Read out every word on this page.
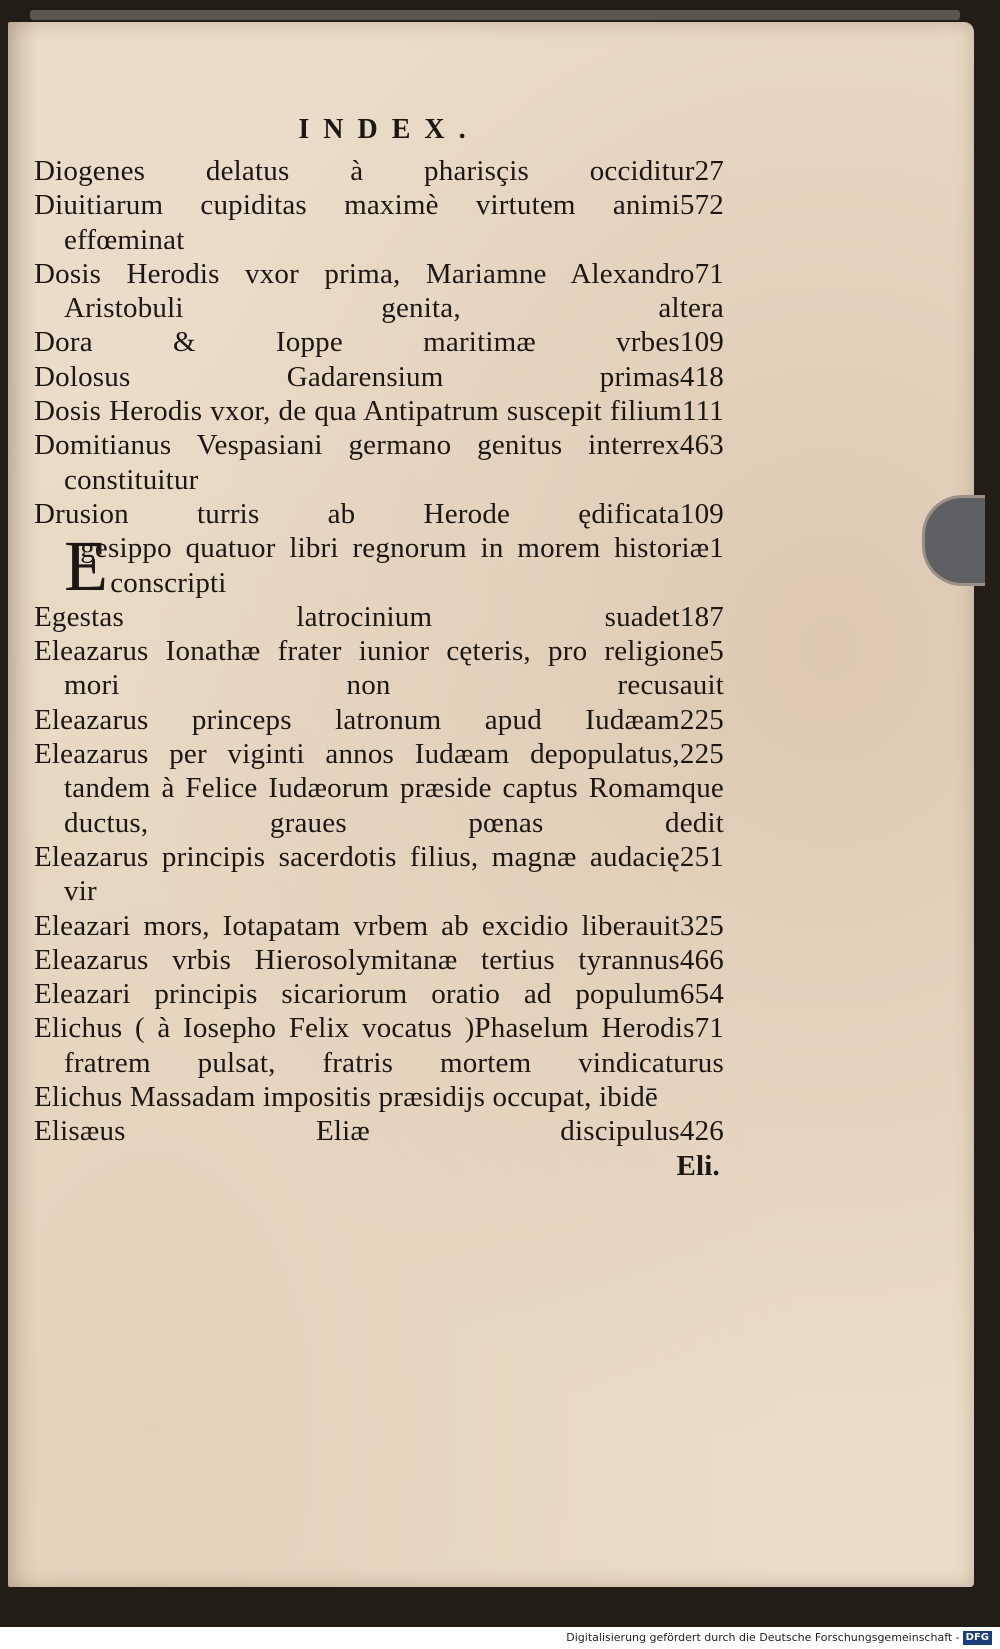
INDEX.
27
Diogenes delatus à pharisçis occiditur
572
Diuitiarum cupiditas maximè virtutem animi effœminat
71
Dosis Herodis vxor prima, Mariamne Alexandro Aristobuli genita, altera
109
Dora & Ioppe maritimæ vrbes
418
Dolosus Gadarensium primas
111
Dosis Herodis vxor, de qua Antipatrum suscepit filium
463
Domitianus Vespasiani germano genitus interrex constituitur
109
Drusion turris ab Herode ędificata
E	1
gesippo quatuor libri regnorum in morem historiæ conscripti
187
Egestas latrocinium suadet
5
Eleazarus Ionathæ frater iunior cęteris, pro religione mori non recusauit
225
Eleazarus princeps latronum apud Iudæam
225
Eleazarus per viginti annos Iudæam depopulatus, tandem à Felice Iudæorum præside captus Romamque ductus, graues pœnas dedit
251
Eleazarus principis sacerdotis filius, magnæ audacię vir
325
Eleazari mors, Iotapatam vrbem ab excidio liberauit
466
Eleazarus vrbis Hierosolymitanæ tertius tyrannus
654
Eleazari principis sicariorum oratio ad populum
71
Elichus ( à Iosepho Felix vocatus )Phaselum Herodis fratrem pulsat, fratris mortem vindicaturus
Elichus Massadam impositis præsidijs occupat, ibidē
426
Elisæus Eliæ discipulus
Eli.
Digitalisierung gefördert durch die Deutsche Forschungsgemeinschaft - DFG
